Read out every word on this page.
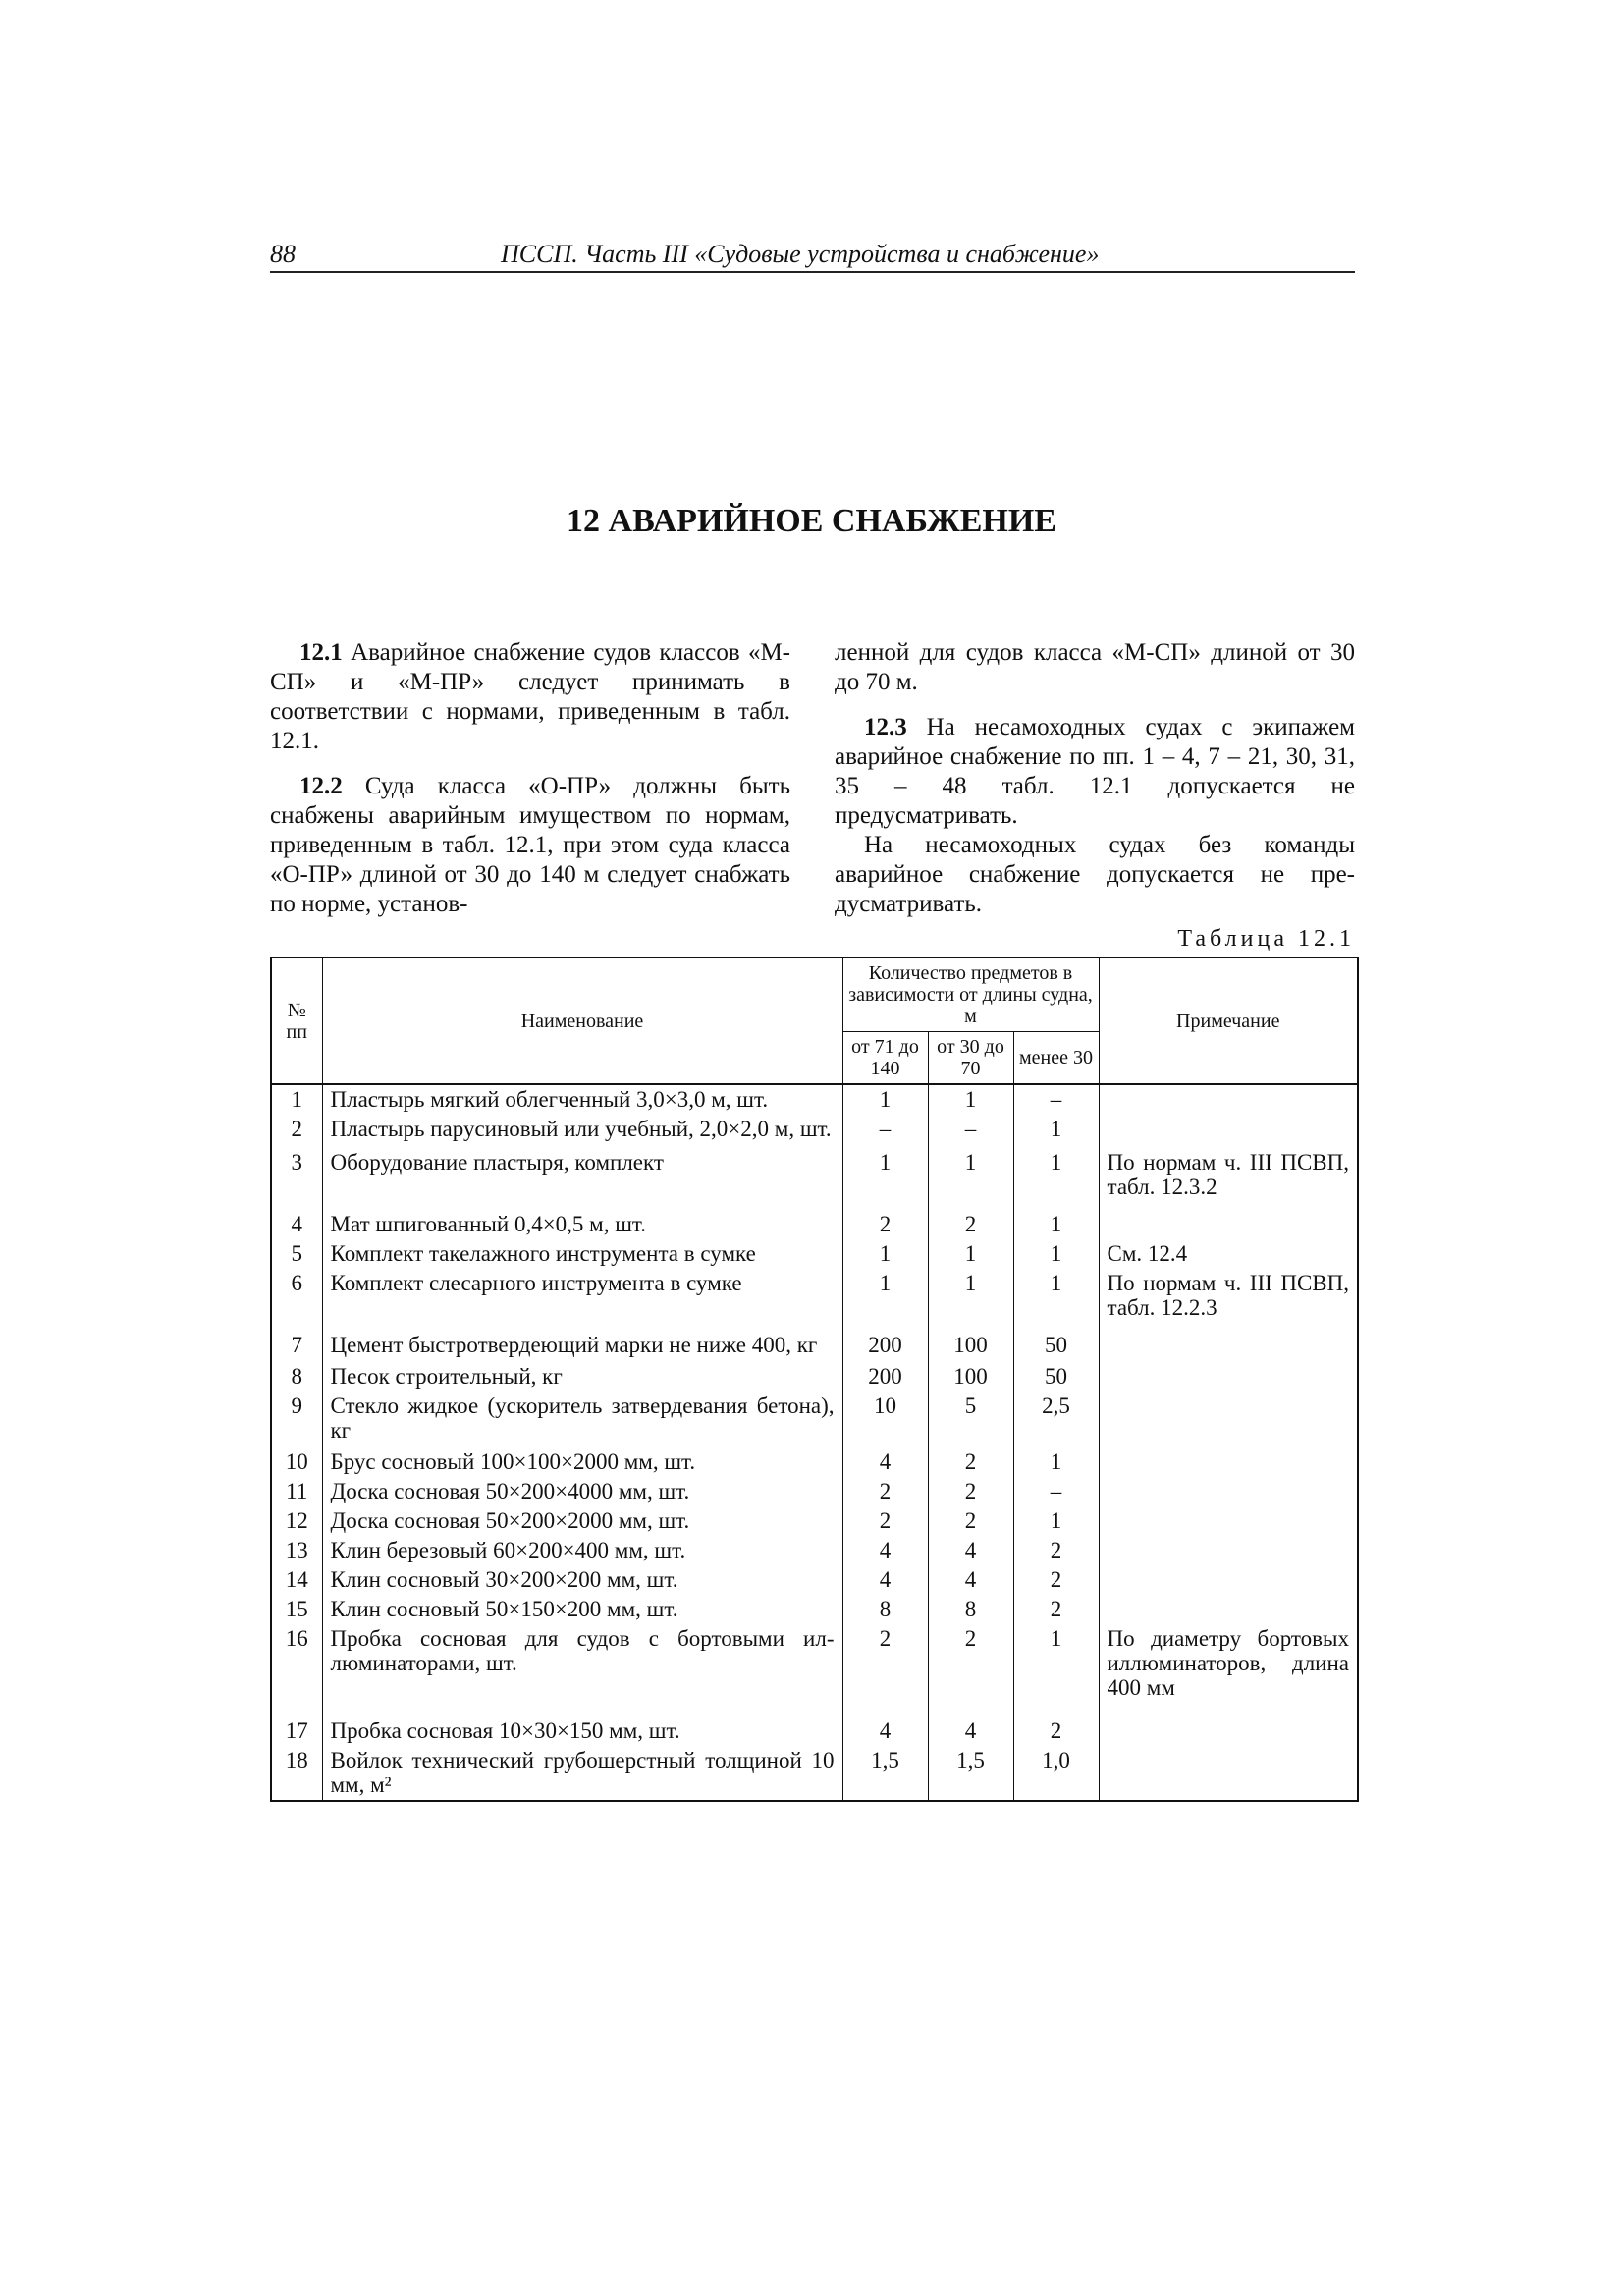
88	ПССП. Часть III «Судовые устройства и снабжение»
12 АВАРИЙНОЕ СНАБЖЕНИЕ

12.1 Аварийное снабжение судов классов «М-СП» и «М-ПР» следует принимать в соответствии с нормами, приведенным в табл. 12.1.

12.2 Суда класса «О-ПР» должны быть снабжены аварийным имуществом по нормам, приведенным в табл. 12.1, при этом суда класса «О-ПР» длиной от 30 до 140 м следует снабжать по норме, установ-

ленной для судов класса «М-СП» длиной от 30 до 70 м.

12.3 На несамоходных судах с экипажем аварийное снабжение по пп. 1 – 4, 7 – 21, 30, 31, 35 – 48 табл. 12.1 допускается не предусматривать.

На несамоходных судах без команды аварийное снабжение допускается не предусматривать.

Таблица 12.1
№ пп	Наименование	Количество предметов в зависимости от длины судна, м			Примечание
		от 71 до 140	от 30 до 70	менее 30	
1	Пластырь мягкий облегченный 3,0×3,0 м, шт.	1	1	–	
2	Пластырь парусиновый или учебный, 2,0×2,0 м, шт.	–	–	1	
3	Оборудование пластыря, комплект	1	1	1	По нормам ч. III ПСВП, табл. 12.3.2
4	Мат шпигованный 0,4×0,5 м, шт.	2	2	1	
5	Комплект такелажного инструмента в сумке	1	1	1	См. 12.4
6	Комплект слесарного инструмента в сумке	1	1	1	По нормам ч. III ПСВП, табл. 12.2.3
7	Цемент быстротвердеющий марки не ниже 400, кг	200	100	50	
8	Песок строительный, кг	200	100	50	
9	Стекло жидкое (ускоритель затвердевания бетона), кг	10	5	2,5	
10	Брус сосновый 100×100×2000 мм, шт.	4	2	1	
11	Доска сосновая 50×200×4000 мм, шт.	2	2	–	
12	Доска сосновая 50×200×2000 мм, шт.	2	2	1	
13	Клин березовый 60×200×400 мм, шт.	4	4	2	
14	Клин сосновый 30×200×200 мм, шт.	4	4	2	
15	Клин сосновый 50×150×200 мм, шт.	8	8	2	
16	Пробка сосновая для судов с бортовыми иллюминаторами, шт.	2	2	1	По диаметру бортовых иллюминаторов, длина 400 мм
17	Пробка сосновая 10×30×150 мм, шт.	4	4	2	
18	Войлок технический грубошерстный толщиной 10 мм, м²	1,5	1,5	1,0	
